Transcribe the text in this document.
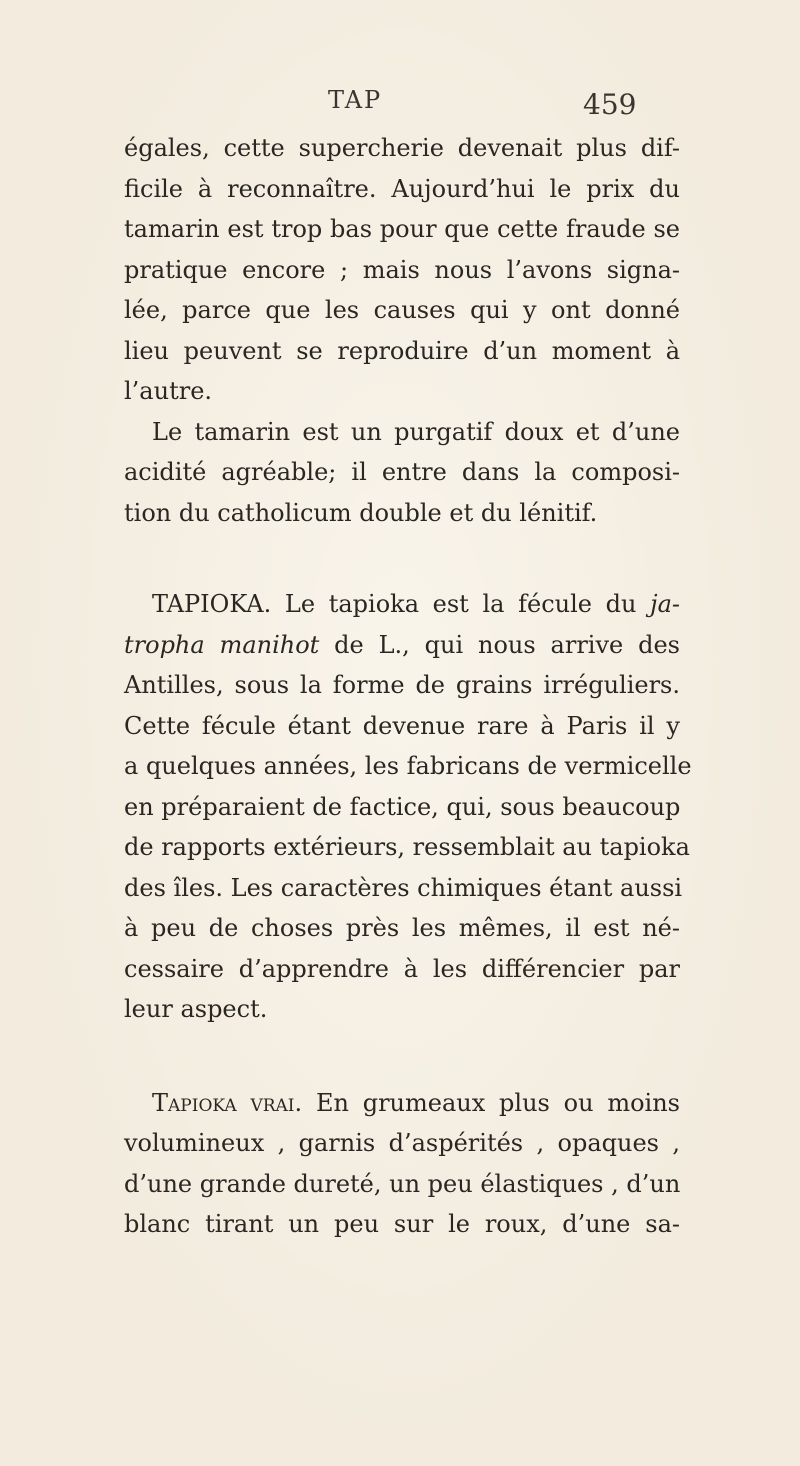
TAP	459
égales, cette supercherie devenait plus dif-
ficile à reconnaître. Aujourd’hui le prix du
tamarin est trop bas pour que cette fraude se
pratique encore ; mais nous l’avons signa-
lée, parce que les causes qui y ont donné
lieu peuvent se reproduire d’un moment à
l’autre.
Le tamarin est un purgatif doux et d’une
acidité agréable; il entre dans la composi-
tion du catholicum double et du lénitif.
TAPIOKA. Le tapioka est la fécule du ja-
tropha manihot de L., qui nous arrive des
Antilles, sous la forme de grains irréguliers.
Cette fécule étant devenue rare à Paris il y
a quelques années, les fabricans de vermicelle
en préparaient de factice, qui, sous beaucoup
de rapports extérieurs, ressemblait au tapioka
des îles. Les caractères chimiques étant aussi
à peu de choses près les mêmes, il est né-
cessaire d’apprendre à les différencier par
leur aspect.
Tapioka vrai. En grumeaux plus ou moins
volumineux , garnis d’aspérités , opaques ,
d’une grande dureté, un peu élastiques , d’un
blanc tirant un peu sur le roux, d’une sa-
